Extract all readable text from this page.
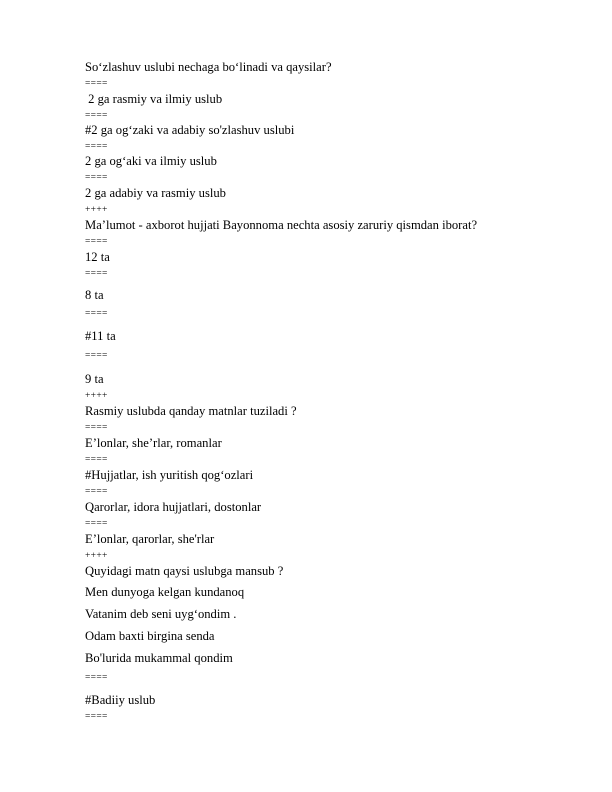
So‘zlashuv uslubi nechaga bo‘linadi va qaysilar?
====
2 ga rasmiy va ilmiy uslub
====
#2 ga og‘zaki va adabiy so'zlashuv uslubi
====
2 ga og‘aki va ilmiy uslub
====
2 ga adabiy va rasmiy uslub
++++
Ma’lumot - axborot hujjati Bayonnoma nechta asosiy zaruriy qismdan iborat?
====
12 ta
====
8 ta
====
#11 ta
====
9 ta
++++
Rasmiy uslubda qanday matnlar tuziladi ?
====
E’lonlar, she’rlar, romanlar
====
#Hujjatlar, ish yuritish qog‘ozlari
====
Qarorlar, idora hujjatlari, dostonlar
====
E’lonlar, qarorlar, she'rlar
++++
Quyidagi matn qaysi uslubga mansub ?
Men dunyoga kelgan kundanoq
Vatanim deb seni uyg‘ondim .
Odam baxti birgina senda
Bo'lurida mukammal qondim
====
#Badiiy uslub
====
